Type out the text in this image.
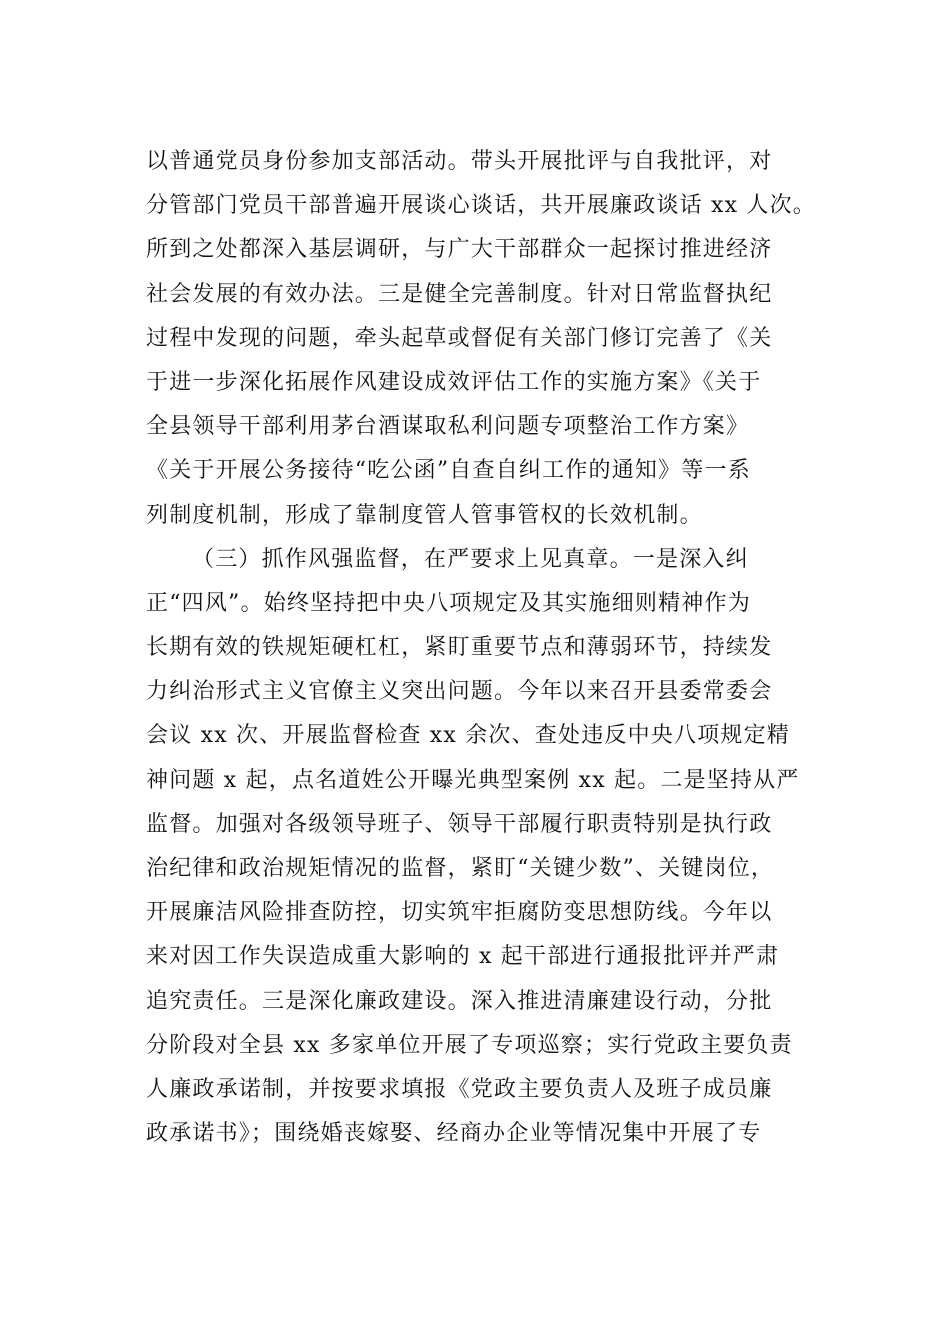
以普通党员身份参加支部活动。带头开展批评与自我批评，对
分管部门党员干部普遍开展谈心谈话，共开展廉政谈话 xx 人次。
所到之处都深入基层调研，与广大干部群众一起探讨推进经济
社会发展的有效办法。三是健全完善制度。针对日常监督执纪
过程中发现的问题，牵头起草或督促有关部门修订完善了《关
于进一步深化拓展作风建设成效评估工作的实施方案》《关于
全县领导干部利用茅台酒谋取私利问题专项整治工作方案》
《关于开展公务接待“吃公函”自查自纠工作的通知》等一系
列制度机制，形成了靠制度管人管事管权的长效机制。
（三）抓作风强监督，在严要求上见真章。一是深入纠
正“四风”。始终坚持把中央八项规定及其实施细则精神作为
长期有效的铁规矩硬杠杠，紧盯重要节点和薄弱环节，持续发
力纠治形式主义官僚主义突出问题。今年以来召开县委常委会
会议 xx 次、开展监督检查 xx 余次、查处违反中央八项规定精
神问题 x 起，点名道姓公开曝光典型案例 xx 起。二是坚持从严
监督。加强对各级领导班子、领导干部履行职责特别是执行政
治纪律和政治规矩情况的监督，紧盯“关键少数”、关键岗位，
开展廉洁风险排查防控，切实筑牢拒腐防变思想防线。今年以
来对因工作失误造成重大影响的 x 起干部进行通报批评并严肃
追究责任。三是深化廉政建设。深入推进清廉建设行动，分批
分阶段对全县 xx 多家单位开展了专项巡察；实行党政主要负责
人廉政承诺制，并按要求填报《党政主要负责人及班子成员廉
政承诺书》；围绕婚丧嫁娶、经商办企业等情况集中开展了专
